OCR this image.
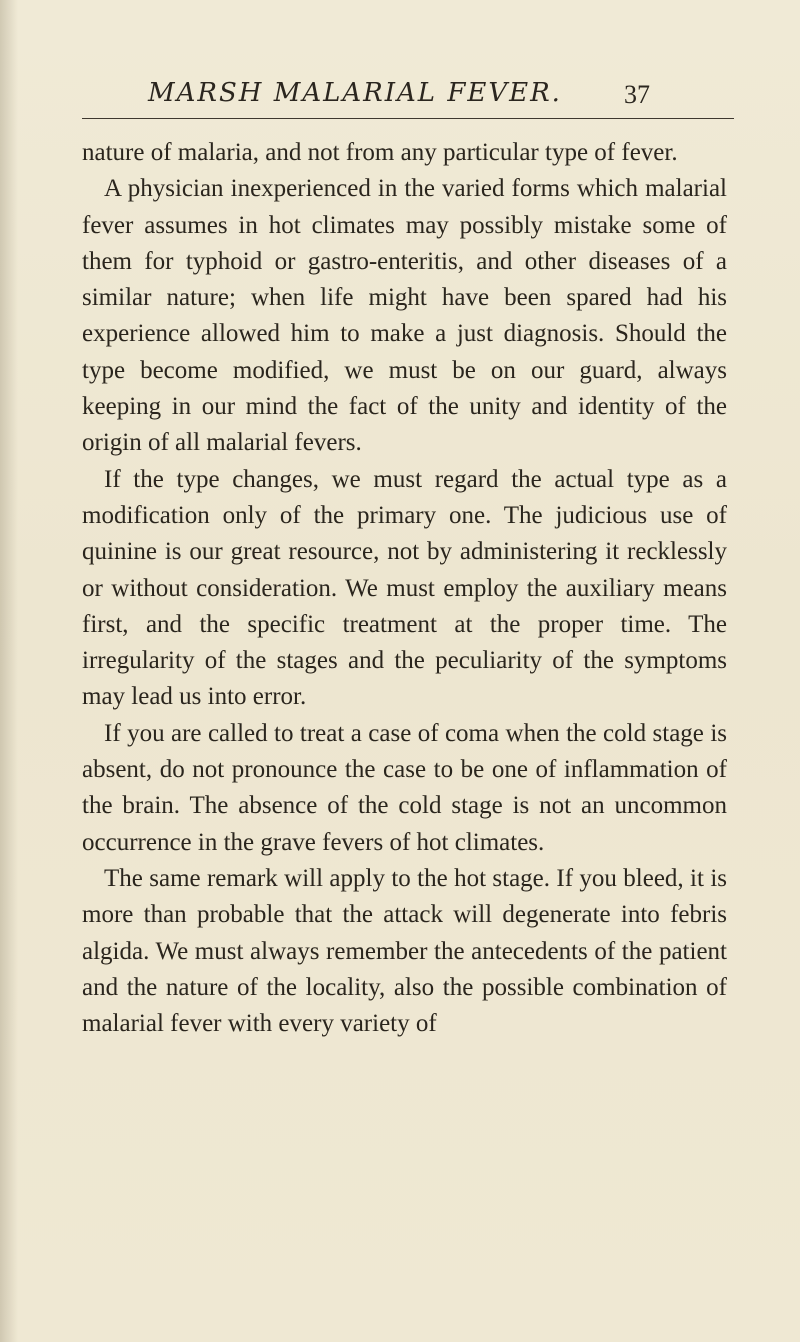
MARSH MALARIAL FEVER. 37

nature of malaria, and not from any particular type of fever.

A physician inexperienced in the varied forms which malarial fever assumes in hot climates may possibly mistake some of them for typhoid or gastro-enteritis, and other diseases of a similar nature; when life might have been spared had his experience allowed him to make a just diagnosis. Should the type become modified, we must be on our guard, always keeping in our mind the fact of the unity and identity of the origin of all malarial fevers.

If the type changes, we must regard the actual type as a modification only of the primary one. The judicious use of quinine is our great resource, not by administering it recklessly or without consideration. We must employ the auxiliary means first, and the specific treatment at the proper time. The irregularity of the stages and the peculiarity of the symptoms may lead us into error.

If you are called to treat a case of coma when the cold stage is absent, do not pronounce the case to be one of inflammation of the brain. The absence of the cold stage is not an uncommon occurrence in the grave fevers of hot climates.

The same remark will apply to the hot stage. If you bleed, it is more than probable that the attack will degenerate into febris algida. We must always remember the antecedents of the patient and the nature of the locality, also the possible combination of malarial fever with every variety of
